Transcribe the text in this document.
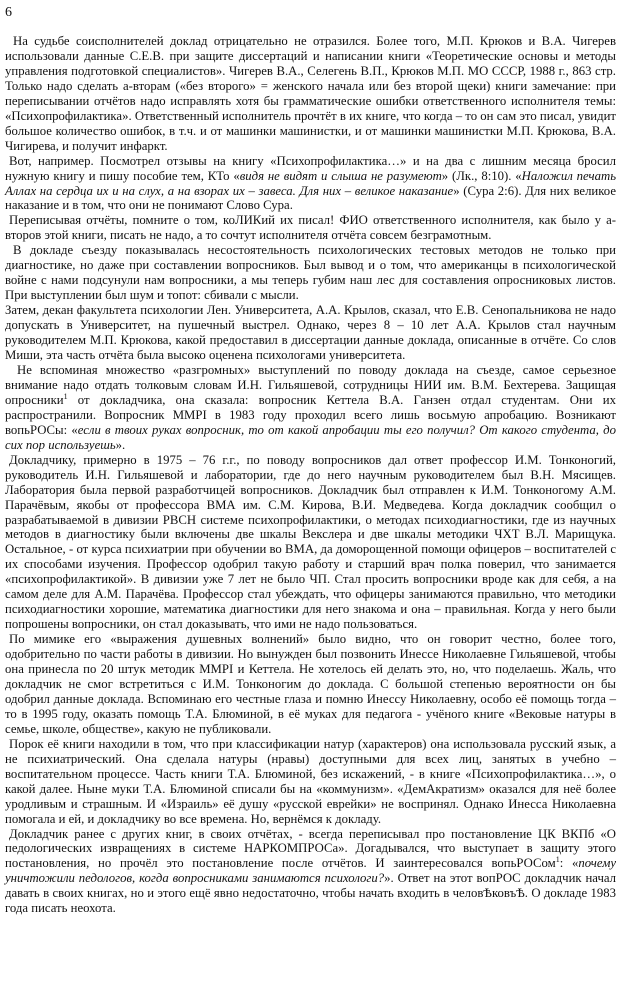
6

На судьбе соисполнителей доклад отрицательно не отразился. Более того, М.П. Крюков и В.А. Чигерев использовали данные С.Е.В. при защите диссертаций и написании книги «Теоретические основы и методы управления подготовкой специалистов». Чигерев В.А., Селегень В.П., Крюков М.П. МО СССР, 1988 г., 863 стр. Только надо сделать а-вторам («без второго» = женского начала или без второй щеки) книги замечание: при переписывании отчётов надо исправлять хотя бы грамматические ошибки ответственного исполнителя темы: «Психопрофилактика». Ответственный исполнитель прочтёт в их книге, что когда – то он сам это писал, увидит большое количество ошибок, в т.ч. и от машинки машинистки, и от машинки машинистки М.П. Крюкова, В.А. Чигирева, и получит инфаркт.

Вот, например. Посмотрел отзывы на книгу «Психопрофилактика…» и на два с лишним месяца бросил нужную книгу и пишу пособие тем, КТо «видя не видят и слыша не разумеют» (Лк., 8:10). «Наложил печать Аллах на сердца их и на слух, а на взорах их – завеса. Для них – великое наказание» (Сура 2:6). Для них великое наказание и в том, что они не понимают Слово Сура.

Переписывая отчёты, помните о том, коЛИКий их писал! ФИО ответственного исполнителя, как было у а-второв этой книги, писать не надо, а то сочтут исполнителя отчёта совсем безграмотным.

В докладе съезду показывалась несостоятельность психологических тестовых методов не только при диагностике, но даже при составлении вопросников. Был вывод и о том, что американцы в психологической войне с нами подсунули нам вопросники, а мы теперь губим наш лес для составления опросниковых листов. При выступлении был шум и топот: сбивали с мысли.

Затем, декан факультета психологии Лен. Университета, А.А. Крылов, сказал, что Е.В. Сенопальникова не надо допускать в Университет, на пушечный выстрел. Однако, через 8 – 10 лет А.А. Крылов стал научным руководителем М.П. Крюкова, какой предоставил в диссертации данные доклада, описанные в отчёте. Со слов Миши, эта часть отчёта была высоко оценена психологами университета.

Не вспоминая множество «разгромных» выступлений по поводу доклада на съезде, самое серьезное внимание надо отдать толковым словам И.Н. Гильяшевой, сотрудницы НИИ им. В.М. Бехтерева. Защищая опросники$^1$ от докладчика, она сказала: вопросник Кеттела В.А. Ганзен отдал студентам. Они их распространили. Вопросник MMPI в 1983 году проходил всего лишь восьмую апробацию. Возникают вопьРОСы: «если в твоих руках вопросник, то от какой апробации ты его получил? От какого студента, до сих пор используешь».

Докладчику, примерно в 1975 – 76 г.г., по поводу вопросников дал ответ профессор И.М. Тонконогий, руководитель И.Н. Гильяшевой и лаборатории, где до него научным руководителем был В.Н. Мясищев. Лаборатория была первой разработчицей вопросников. Докладчик был отправлен к И.М. Тонконогому А.М. Парачёвым, якобы от профессора ВМА им. С.М. Кирова, В.И. Медведева. Когда докладчик сообщил о разрабатываемой в дивизии РВСН системе психопрофилактики, о методах психодиагностики, где из научных методов в диагностику были включены две шкалы Векслера и две шкалы методики ЧХТ В.Л. Марищука. Остальное, - от курса психиатрии при обучении во ВМА, да доморощенной помощи офицеров – воспитателей с их способами изучения. Профессор одобрил такую работу и старший врач полка поверил, что занимается «психопрофилактикой». В дивизии уже 7 лет не было ЧП. Стал просить вопросники вроде как для себя, а на самом деле для А.М. Парачёва. Профессор стал убеждать, что офицеры занимаются правильно, что методики психодиагностики хорошие, математика диагностики для него знакома и она – правильная. Когда у него были попрошены вопросники, он стал доказывать, что ими не надо пользоваться.

По мимике его «выражения душевных волнений» было видно, что он говорит честно, более того, одобрительно по части работы в дивизии. Но вынужден был позвонить Инессе Николаевне Гильяшевой, чтобы она принесла по 20 штук методик MMPI и Кеттела. Не хотелось ей делать это, но, что поделаешь. Жаль, что докладчик не смог встретиться с И.М. Тонконогим до доклада. С большой степенью вероятности он бы одобрил данные доклада. Вспоминаю его честные глаза и помню Инессу Николаевну, особо её помощь тогда – то в 1995 году, оказать помощь Т.А. Блюминой, в её муках для педагога - учёного книге «Вековые натуры в семье, школе, обществе», какую не публиковали.

Порок её книги находили в том, что при классификации натур (характеров) она использовала русский язык, а не психиатрический. Она сделала натуры (нравы) доступными для всех лиц, занятых в учебно – воспитательном процессе. Часть книги Т.А. Блюминой, без искажений, - в книге «Психопрофилактика…», о какой далее. Ныне муки Т.А. Блюминой списали бы на «коммунизм». «ДемАкратизм» оказался для неё более уродливым и страшным. И «Израиль» её душу «русской еврейки» не воспринял. Однако Инесса Николаевна помогала и ей, и докладчику во все времена. Но, вернёмся к докладу.

Докладчик ранее с других книг, в своих отчётах, - всегда переписывал про постановление ЦК ВКПб «О педологических извращениях в системе НАРКОМПРОСа». Догадывался, что выступает в защиту этого постановления, но прочёл это постановление после отчётов. И заинтересовался вопьРОСом$^1$: «почему уничтожили педологов, когда вопросниками занимаются психологи?». Ответ на этот вопРОС докладчик начал давать в своих книгах, но и этого ещё явно недостаточно, чтобы начать входить в человѢковъѢ. О докладе 1983 года писать неохота.
